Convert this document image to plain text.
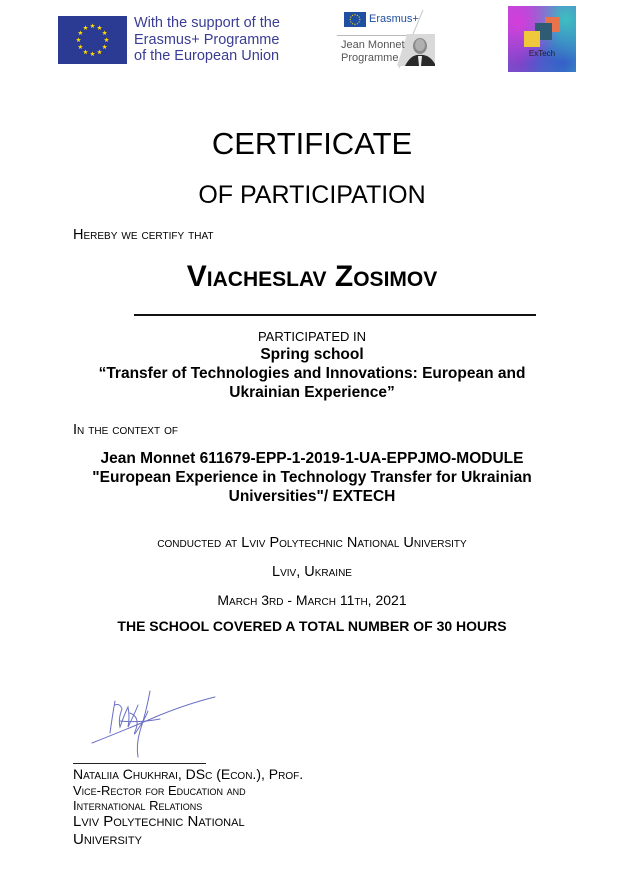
With the support of the
Erasmus+ Programme
of the European Union
Erasmus+
Jean Monnet
Programme	ExTech
CERTIFICATE
OF PARTICIPATION
Hereby we certify that
Viacheslav Zosimov
PARTICIPATED IN
Spring school
“Transfer of Technologies and Innovations: European and
Ukrainian Experience”
In the context of
Jean Monnet 611679-EPP-1-2019-1-UA-EPPJMO-MODULE
"European Experience in Technology Transfer for Ukrainian
Universities"/ EXTECH
conducted at Lviv Polytechnic National University
Lviv, Ukraine
March 3rd - March 11th, 2021
THE SCHOOL COVERED A TOTAL NUMBER OF 30 HOURS
Nataliia Chukhrai, DSc (Econ.), Prof.
Vice-Rector for Education and
International Relations
Lviv Polytechnic National
University
